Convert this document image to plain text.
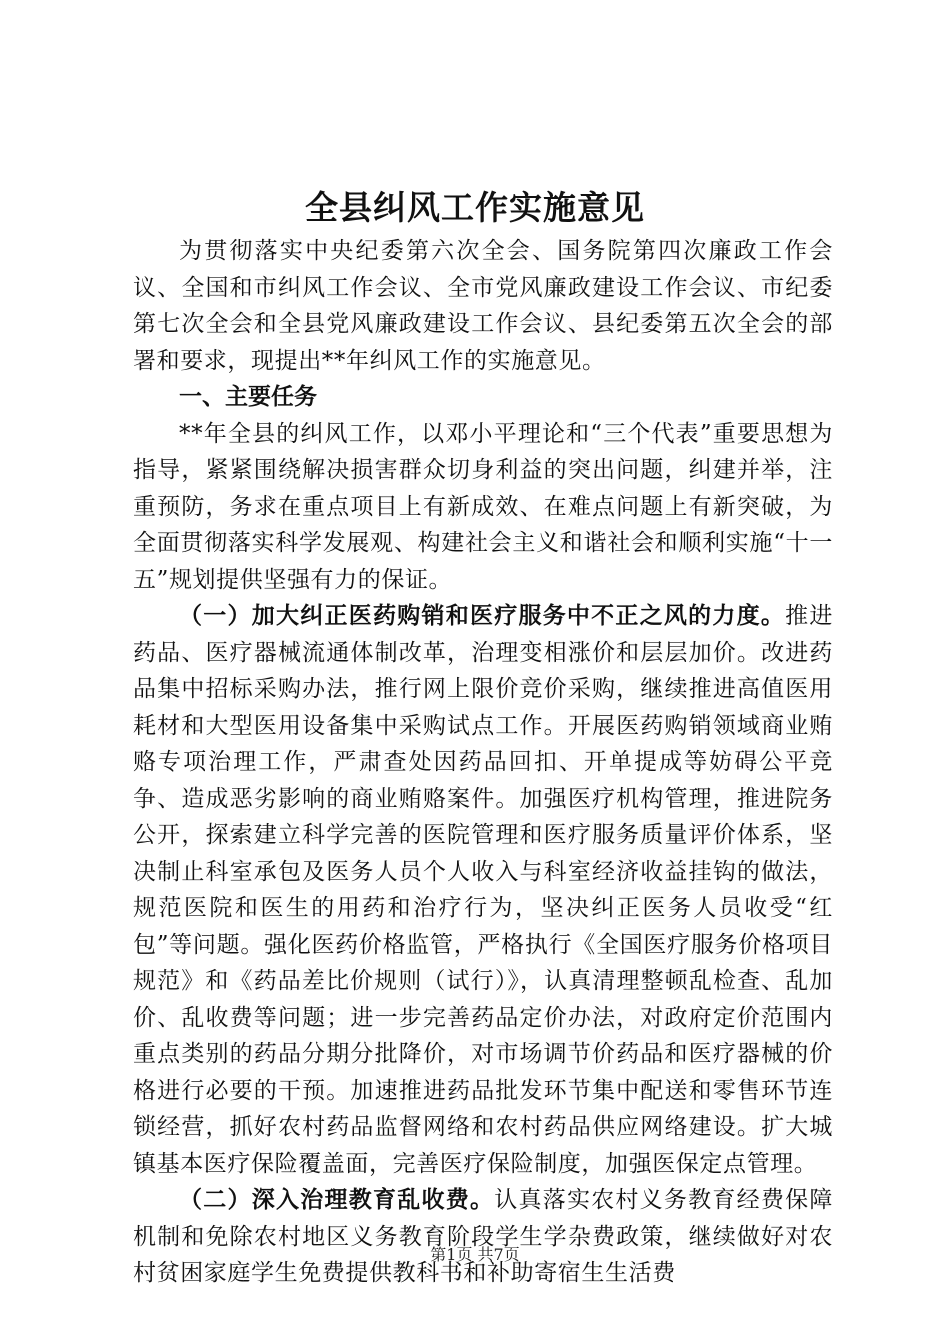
全县纠风工作实施意见

为贯彻落实中央纪委第六次全会、国务院第四次廉政工作会议、全国和市纠风工作会议、全市党风廉政建设工作会议、市纪委第七次全会和全县党风廉政建设工作会议、县纪委第五次全会的部署和要求，现提出**年纠风工作的实施意见。

一、主要任务

**年全县的纠风工作，以邓小平理论和“三个代表”重要思想为指导，紧紧围绕解决损害群众切身利益的突出问题，纠建并举，注重预防，务求在重点项目上有新成效、在难点问题上有新突破，为全面贯彻落实科学发展观、构建社会主义和谐社会和顺利实施“十一五”规划提供坚强有力的保证。

（一）加大纠正医药购销和医疗服务中不正之风的力度。推进药品、医疗器械流通体制改革，治理变相涨价和层层加价。改进药品集中招标采购办法，推行网上限价竞价采购，继续推进高值医用耗材和大型医用设备集中采购试点工作。开展医药购销领域商业贿赂专项治理工作，严肃查处因药品回扣、开单提成等妨碍公平竞争、造成恶劣影响的商业贿赂案件。加强医疗机构管理，推进院务公开，探索建立科学完善的医院管理和医疗服务质量评价体系，坚决制止科室承包及医务人员个人收入与科室经济收益挂钩的做法，规范医院和医生的用药和治疗行为，坚决纠正医务人员收受“红包”等问题。强化医药价格监管，严格执行《全国医疗服务价格项目规范》和《药品差比价规则（试行）》，认真清理整顿乱检查、乱加价、乱收费等问题；进一步完善药品定价办法，对政府定价范围内重点类别的药品分期分批降价，对市场调节价药品和医疗器械的价格进行必要的干预。加速推进药品批发环节集中配送和零售环节连锁经营，抓好农村药品监督网络和农村药品供应网络建设。扩大城镇基本医疗保险覆盖面，完善医疗保险制度，加强医保定点管理。

（二）深入治理教育乱收费。认真落实农村义务教育经费保障机制和免除农村地区义务教育阶段学生学杂费政策，继续做好对农村贫困家庭学生免费提供教科书和补助寄宿生生活费

第1页 共7页
